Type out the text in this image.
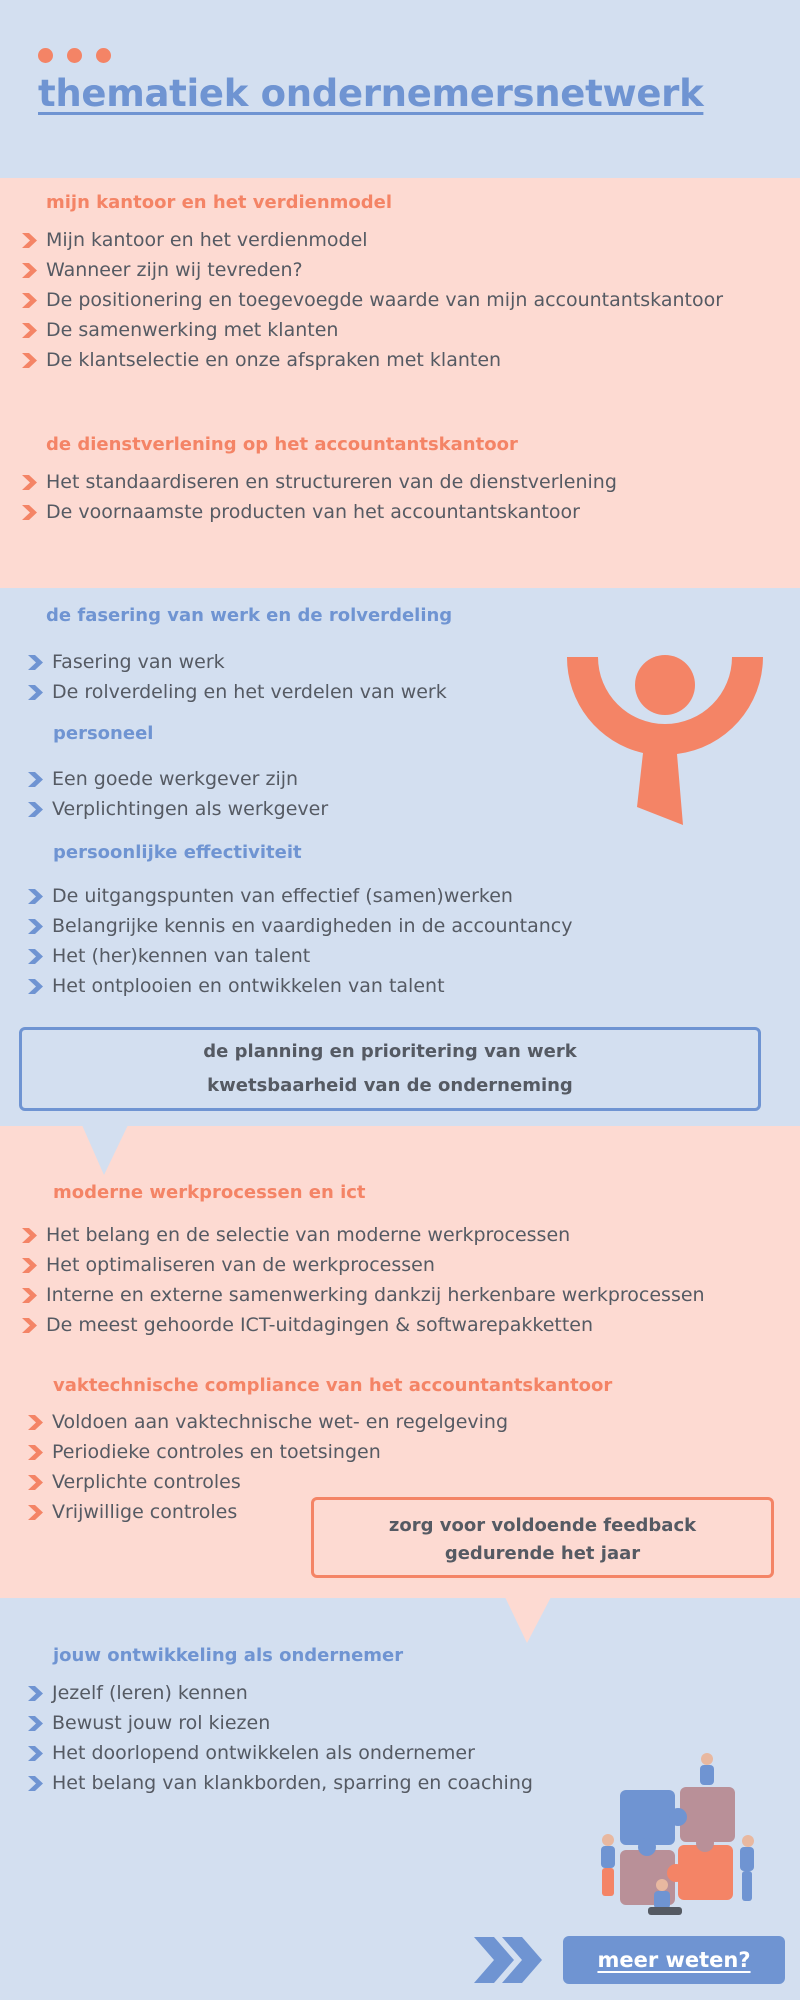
thematiek ondernemersnetwerk
mijn kantoor en het verdienmodel
Mijn kantoor en het verdienmodel
Wanneer zijn wij tevreden?
De positionering en toegevoegde waarde van mijn accountantskantoor
De samenwerking met klanten
De klantselectie en onze afspraken met klanten
de dienstverlening op het accountantskantoor
Het standaardiseren en structureren van de dienstverlening
De voornaamste producten van het accountantskantoor
de fasering van werk en de rolverdeling
Fasering van werk
De rolverdeling en het verdelen van werk
personeel
Een goede werkgever zijn
Verplichtingen als werkgever
persoonlijke effectiviteit
De uitgangspunten van effectief (samen)werken
Belangrijke kennis en vaardigheden in de accountancy
Het (her)kennen van talent
Het ontplooien en ontwikkelen van talent
de planning en prioritering van werk
kwetsbaarheid van de onderneming
moderne werkprocessen en ict
Het belang en de selectie van moderne werkprocessen
Het optimaliseren van de werkprocessen
Interne en externe samenwerking dankzij herkenbare werkprocessen
De meest gehoorde ICT-uitdagingen & softwarepakketten
vaktechnische compliance van het accountantskantoor
Voldoen aan vaktechnische wet- en regelgeving
Periodieke controles en toetsingen
Verplichte controles
Vrijwillige controles
zorg voor voldoende feedback
gedurende het jaar
jouw ontwikkeling als ondernemer
Jezelf (leren) kennen
Bewust jouw rol kiezen
Het doorlopend ontwikkelen als ondernemer
Het belang van klankborden, sparring en coaching
meer weten?
